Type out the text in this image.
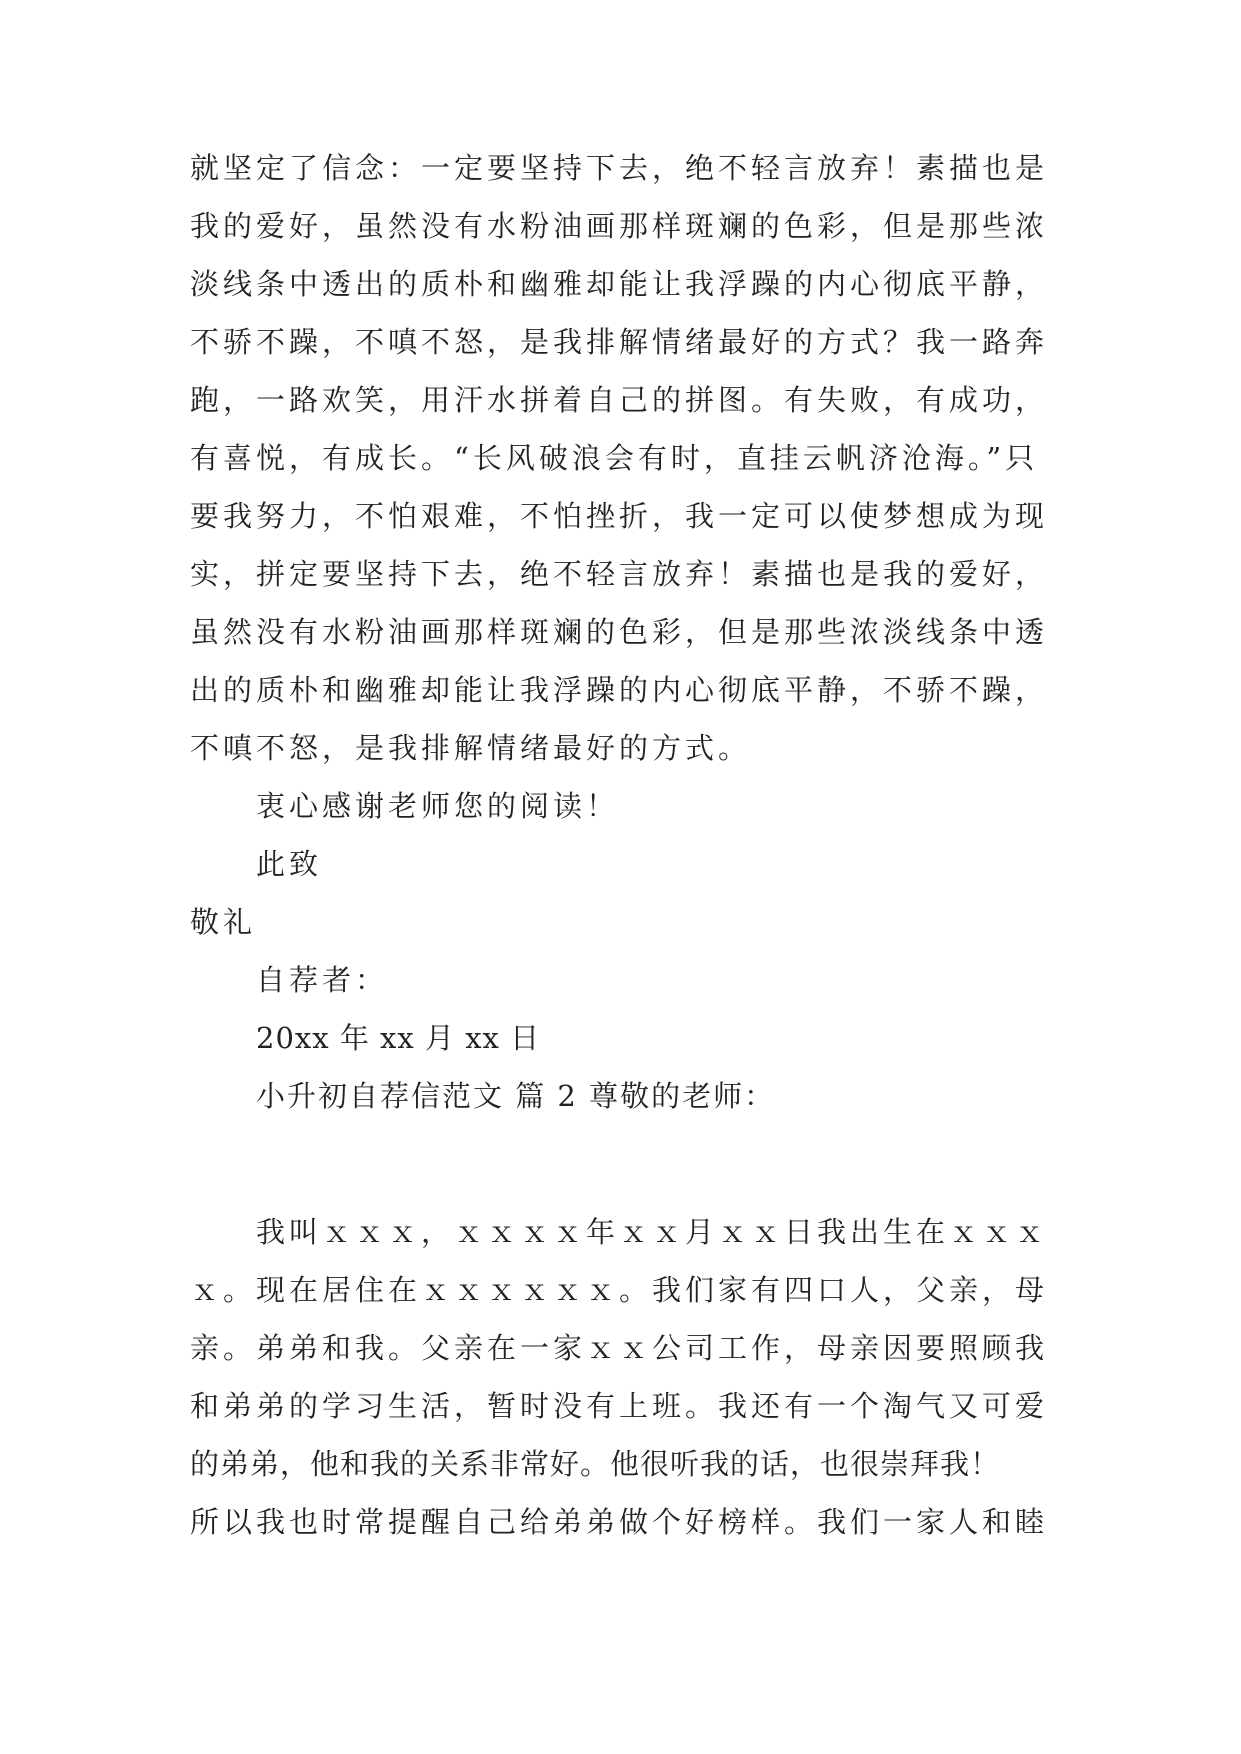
就坚定了信念：一定要坚持下去，绝不轻言放弃！素描也是
我的爱好，虽然没有水粉油画那样斑斓的色彩，但是那些浓
淡线条中透出的质朴和幽雅却能让我浮躁的内心彻底平静，
不骄不躁，不嗔不怒，是我排解情绪最好的方式？我一路奔
跑，一路欢笑，用汗水拼着自己的拼图。有失败，有成功，
有喜悦，有成长。“长风破浪会有时，直挂云帆济沧海。”只
要我努力，不怕艰难，不怕挫折，我一定可以使梦想成为现
实，拼定要坚持下去，绝不轻言放弃！素描也是我的爱好，
虽然没有水粉油画那样斑斓的色彩，但是那些浓淡线条中透
出的质朴和幽雅却能让我浮躁的内心彻底平静，不骄不躁，
不嗔不怒，是我排解情绪最好的方式。
衷心感谢老师您的阅读！
此致
敬礼
自荐者：
20xx 年 xx 月 xx 日
小升初自荐信范文 篇 2 尊敬的老师：
我叫ｘｘｘ，ｘｘｘｘ年ｘｘ月ｘｘ日我出生在ｘｘｘ
ｘ。现在居住在ｘｘｘｘｘｘ。我们家有四口人，父亲，母
亲。弟弟和我。父亲在一家ｘｘ公司工作，母亲因要照顾我
和弟弟的学习生活，暂时没有上班。我还有一个淘气又可爱
的弟弟，他和我的关系非常好。他很听我的话，也很崇拜我！
所以我也时常提醒自己给弟弟做个好榜样。我们一家人和睦
